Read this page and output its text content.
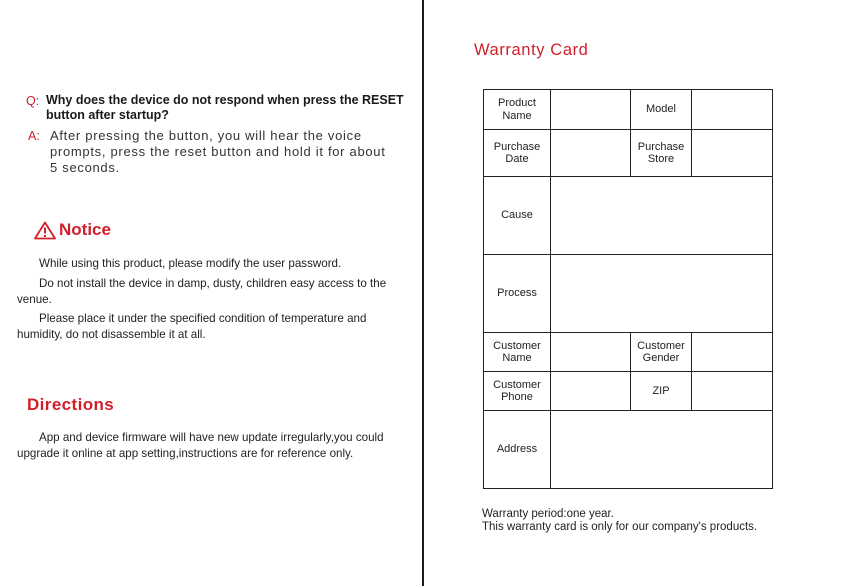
Q: Why does the device do not respond when press the RESET button after startup?
A: After pressing the button, you will hear the voice prompts, press the reset button and hold it for about 5 seconds.
Notice
While using this product, please modify the user password.
Do not install the device in damp, dusty, children easy access to the venue.
Please place it under the specified condition of temperature and humidity, do not disassemble it at all.
Directions
App and device firmware will have new update irregularly,you could upgrade it online at app setting,instructions are for reference only.
Warranty Card
Product Name		Model	
Purchase Date		Purchase Store	
Cause			
Process			
Customer Name		Customer Gender	
Customer Phone		ZIP	
Address			
Warranty period:one year.
This warranty card is only for our company's products.
